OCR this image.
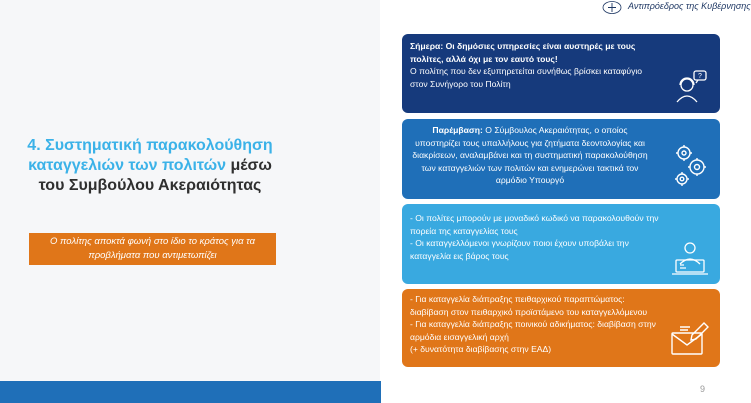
Αντιπρόεδρος της Κυβέρνησης
4. Συστηματική παρακολούθηση καταγγελιών των πολιτών μέσω του Συμβούλου Ακεραιότητας
Ο πολίτης αποκτά φωνή στο ίδιο το κράτος για τα προβλήματα που αντιμετωπίζει
Σήμερα: Οι δημόσιες υπηρεσίες είναι αυστηρές με τους πολίτες, αλλά όχι με τον εαυτό τους!
Ο πολίτης που δεν εξυπηρετείται συνήθως βρίσκει καταφύγιο στον Συνήγορο του Πολίτη
?
Παρέμβαση: Ο Σύμβουλος Ακεραιότητας, ο οποίος υποστηρίζει τους υπαλλήλους για ζητήματα δεοντολογίας και διακρίσεων, αναλαμβάνει και τη συστηματική παρακολούθηση των καταγγελιών των πολιτών και ενημερώνει τακτικά τον αρμόδιο Υπουργό
- Οι πολίτες μπορούν με μοναδικό κωδικό να παρακολουθούν την πορεία της καταγγελίας τους
- Οι καταγγελλόμενοι γνωρίζουν ποιοι έχουν υποβάλει την καταγγελία εις βάρος τους
- Για καταγγελία διάπραξης πειθαρχικού παραπτώματος: διαβίβαση στον πειθαρχικό προϊστάμενο του καταγγελλόμενου
- Για καταγγελία διάπραξης ποινικού αδικήματος: διαβίβαση στην αρμόδια εισαγγελική αρχή
(+ δυνατότητα διαβίβασης στην ΕΑΔ)
9
